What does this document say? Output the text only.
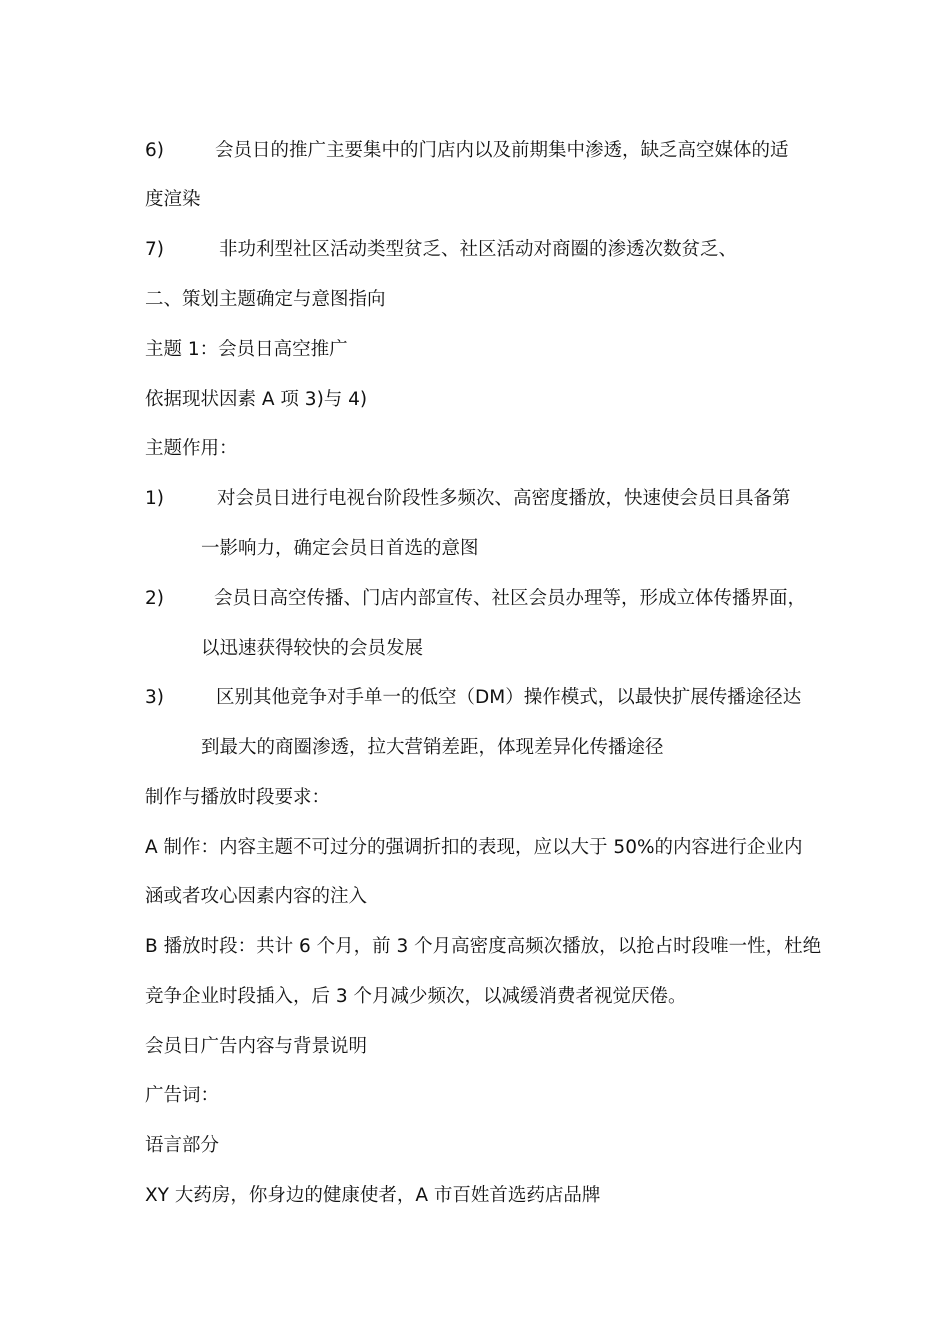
6)	会员日的推广主要集中的门店内以及前期集中渗透，缺乏高空媒体的适
度渲染
7)	非功利型社区活动类型贫乏、社区活动对商圈的渗透次数贫乏、
二、策划主题确定与意图指向
主题 1：会员日高空推广
依据现状因素 A 项 3)与 4)
主题作用：
1)	对会员日进行电视台阶段性多频次、高密度播放，快速使会员日具备第
一影响力，确定会员日首选的意图
2)	会员日高空传播、门店内部宣传、社区会员办理等，形成立体传播界面，
以迅速获得较快的会员发展
3)	区别其他竞争对手单一的低空（DM）操作模式，以最快扩展传播途径达
到最大的商圈渗透，拉大营销差距，体现差异化传播途径
制作与播放时段要求：
A 制作：内容主题不可过分的强调折扣的表现，应以大于 50%的内容进行企业内
涵或者攻心因素内容的注入
B 播放时段：共计 6 个月，前 3 个月高密度高频次播放，以抢占时段唯一性，杜绝
竞争企业时段插入，后 3 个月减少频次，以减缓消费者视觉厌倦。
会员日广告内容与背景说明
广告词：
语言部分
XY 大药房，你身边的健康使者，A 市百姓首选药店品牌
